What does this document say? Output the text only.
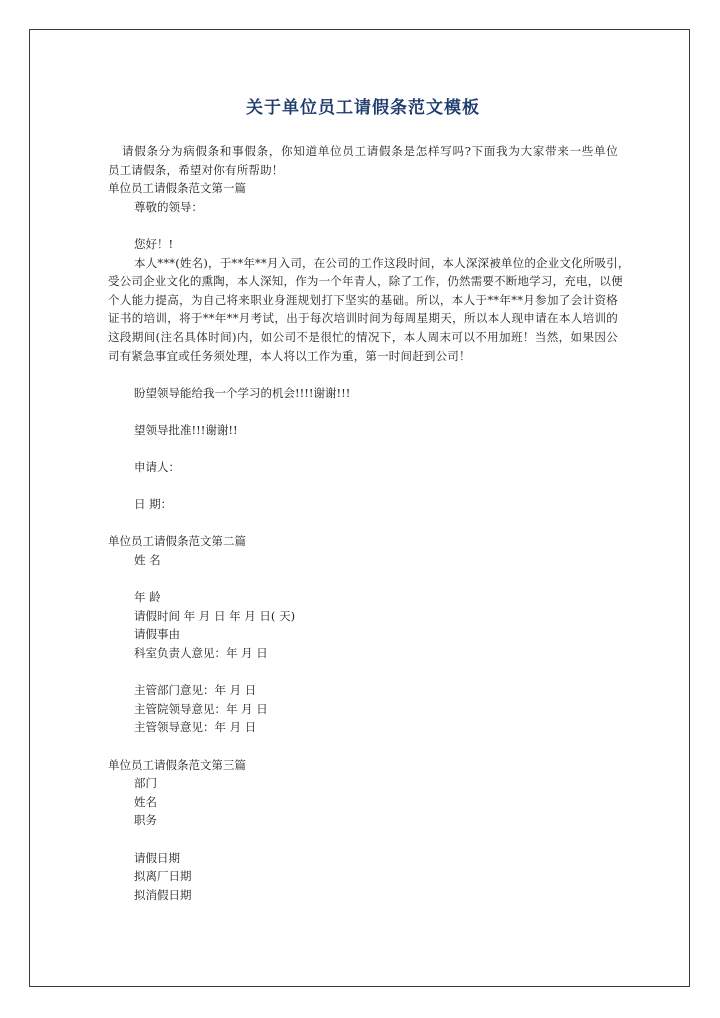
关于单位员工请假条范文模板
请假条分为病假条和事假条，你知道单位员工请假条是怎样写吗?下面我为大家带来一些单位
员工请假条，希望对你有所帮助！
单位员工请假条范文第一篇
尊敬的领导：
您好！!
本人***(姓名)，于**年**月入司，在公司的工作这段时间，本人深深被单位的企业文化所吸引，
受公司企业文化的熏陶，本人深知，作为一个年青人，除了工作，仍然需要不断地学习，充电，以便
个人能力提高，为自己将来职业身涯规划打下坚实的基础。所以，本人于**年**月参加了会计资格
证书的培训，将于**年**月考试，出于每次培训时间为每周星期天，所以本人现申请在本人培训的
这段期间(注名具体时间)内，如公司不是很忙的情况下，本人周末可以不用加班！当然，如果因公
司有紧急事宜或任务须处理，本人将以工作为重，第一时间赶到公司！
盼望领导能给我一个学习的机会!!!!谢谢!!!
望领导批准!!!谢谢!!
申请人：
日 期：
单位员工请假条范文第二篇
姓 名
年 龄
请假时间 年 月 日 年 月 日( 天)
请假事由
科室负责人意见：年 月 日
主管部门意见：年 月 日
主管院领导意见：年 月 日
主管领导意见：年 月 日
单位员工请假条范文第三篇
部门
姓名
职务
请假日期
拟离厂日期
拟消假日期
